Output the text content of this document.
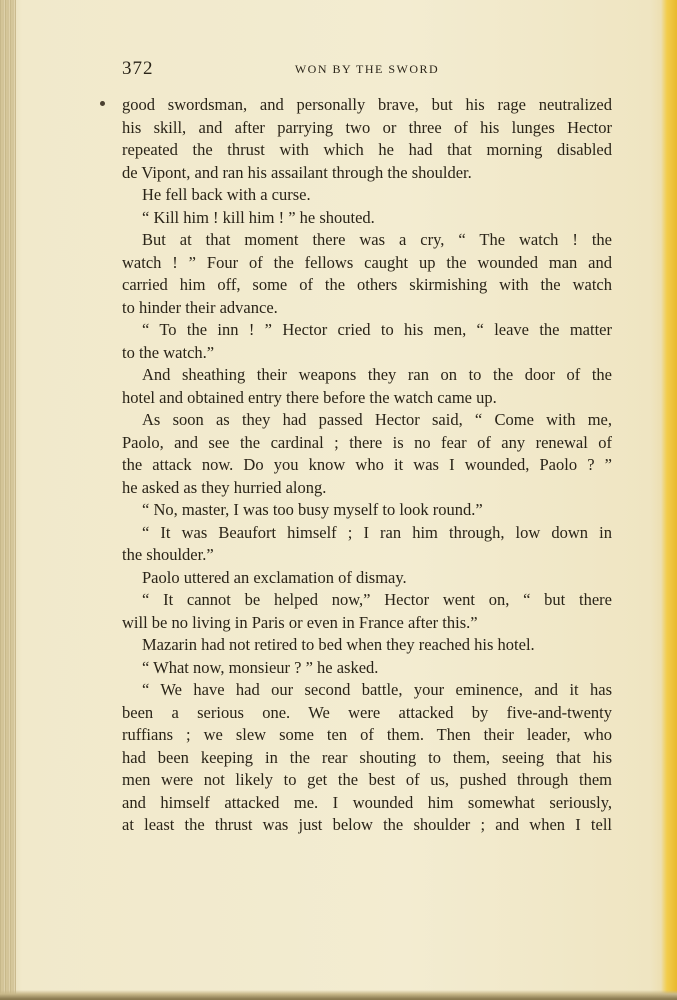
372	WON BY THE SWORD
good swordsman, and personally brave, but his rage neutralized
his skill, and after parrying two or three of his lunges Hector
repeated the thrust with which he had that morning disabled
de Vipont, and ran his assailant through the shoulder.
He fell back with a curse.
“ Kill him ! kill him ! ” he shouted.
But at that moment there was a cry, “ The watch ! the
watch ! ” Four of the fellows caught up the wounded man and
carried him off, some of the others skirmishing with the watch
to hinder their advance.
“ To the inn ! ” Hector cried to his men, “ leave the matter
to the watch.”
And sheathing their weapons they ran on to the door of the
hotel and obtained entry there before the watch came up.
As soon as they had passed Hector said, “ Come with me,
Paolo, and see the cardinal ; there is no fear of any renewal of
the attack now. Do you know who it was I wounded, Paolo ? ”
he asked as they hurried along.
“ No, master, I was too busy myself to look round.”
“ It was Beaufort himself ; I ran him through, low down in
the shoulder.”
Paolo uttered an exclamation of dismay.
“ It cannot be helped now,” Hector went on, “ but there
will be no living in Paris or even in France after this.”
Mazarin had not retired to bed when they reached his hotel.
“ What now, monsieur ? ” he asked.
“ We have had our second battle, your eminence, and it has
been a serious one. We were attacked by five-and-twenty
ruffians ; we slew some ten of them. Then their leader, who
had been keeping in the rear shouting to them, seeing that his
men were not likely to get the best of us, pushed through them
and himself attacked me. I wounded him somewhat seriously,
at least the thrust was just below the shoulder ; and when I tell
